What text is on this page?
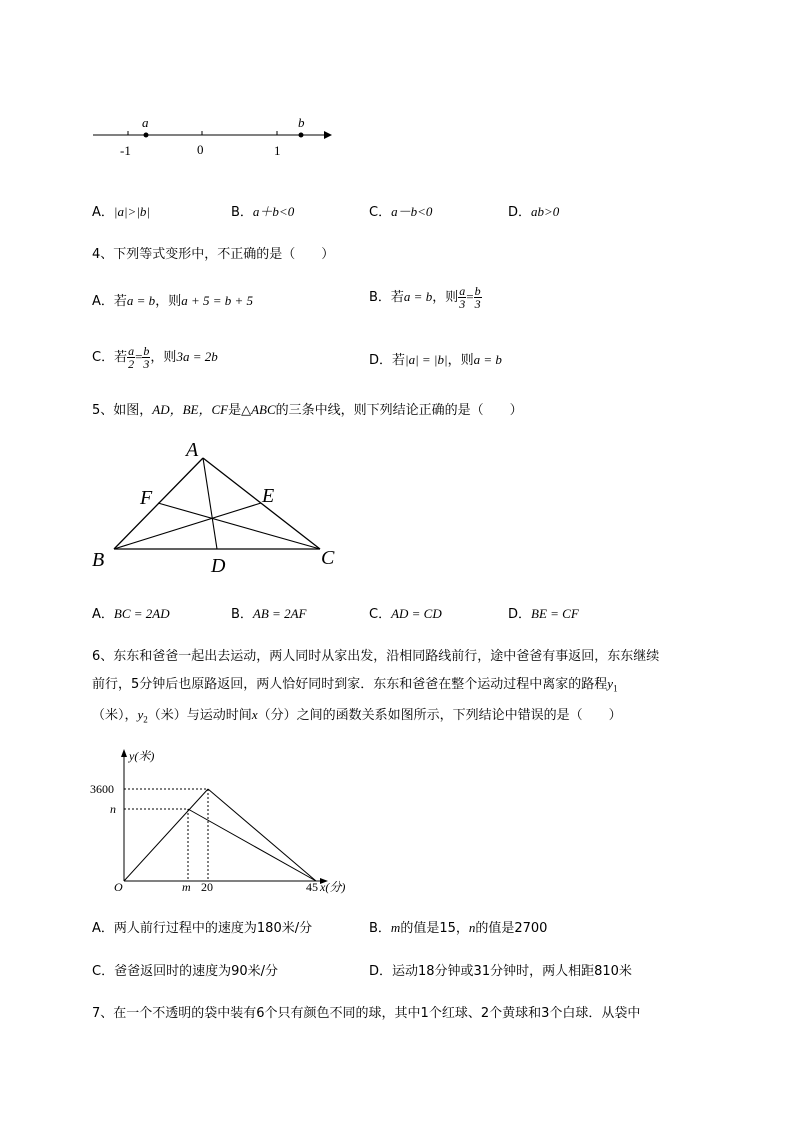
a	b
-1	0	1
A．|a|>|b|	B．a＋b<0	C．a－b<0	D．ab>0
4、下列等式变形中，不正确的是（　　）
A．若a = b，则a + 5 = b + 5	B．若a = b，则 $\frac{a}{3} = \frac{b}{3}$
C．若 $\frac{a}{2} = \frac{b}{3}$ ，则3a = 2b	D．若|a| = |b|，则a = b
5、如图，AD，BE，CF是△ABC的三条中线，则下列结论正确的是（　　）
A
B	C
D
E
F
A．BC = 2AD	B．AB = 2AF	C．AD = CD	D．BE = CF
6、东东和爸爸一起出去运动，两人同时从家出发，沿相同路线前行，途中爸爸有事返回，东东继续
前行，5分钟后也原路返回，两人恰好同时到家．东东和爸爸在整个运动过程中离家的路程$y_1$
（米），$y_2$（米）与运动时间x（分）之间的函数关系如图所示，下列结论中错误的是（　　）
y(米)
3600
n
O	m 20	45 x(分)
A．两人前行过程中的速度为180米/分	B．m的值是15，n的值是2700
C．爸爸返回时的速度为90米/分	D．运动18分钟或31分钟时，两人相距810米
7、在一个不透明的袋中装有6个只有颜色不同的球，其中1个红球、2个黄球和3个白球．从袋中
